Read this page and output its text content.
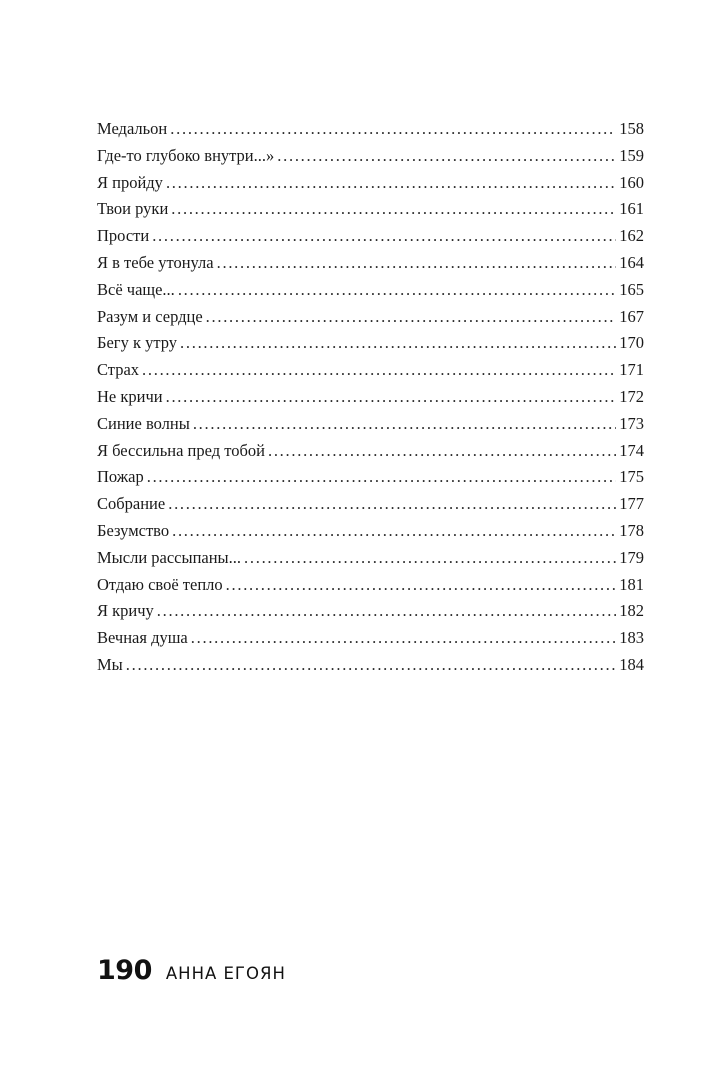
Медальон . . .	158
Где-то глубоко внутри...» . . .	159
Я пройду . . .	160
Твои руки . . .	161
Прости . . .	162
Я в тебе утонула . . .	164
Всё чаще... . . .	165
Разум и сердце . . .	167
Бегу к утру . . .	170
Страх . . .	171
Не кричи . . .	172
Синие волны . . .	173
Я бессильна пред тобой . . .	174
Пожар . . .	175
Собрание . . .	177
Безумство . . .	178
Мысли рассыпаны... . . .	179
Отдаю своё тепло . . .	181
Я кричу . . .	182
Вечная душа . . .	183
Мы . . .	184
190 АННА ЕГОЯН
